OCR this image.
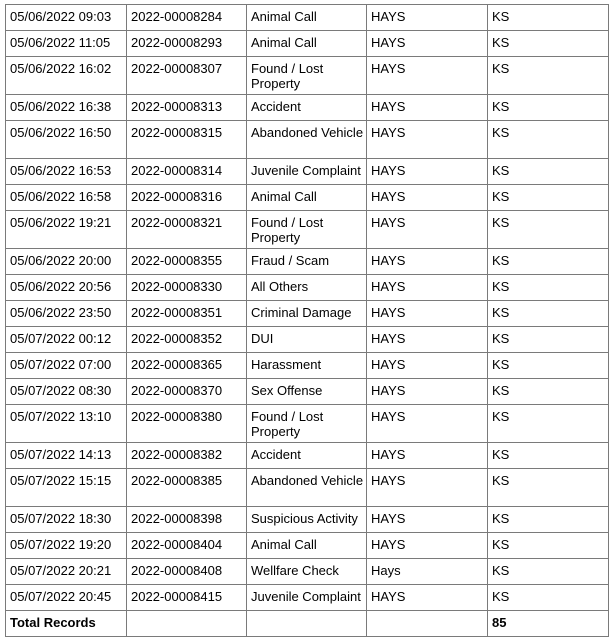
05/06/2022 09:03	2022-00008284	Animal Call	HAYS	KS
05/06/2022 11:05	2022-00008293	Animal Call	HAYS	KS
05/06/2022 16:02	2022-00008307	Found / Lost Property	HAYS	KS
05/06/2022 16:38	2022-00008313	Accident	HAYS	KS
05/06/2022 16:50	2022-00008315	Abandoned Vehicle	HAYS	KS
05/06/2022 16:53	2022-00008314	Juvenile Complaint	HAYS	KS
05/06/2022 16:58	2022-00008316	Animal Call	HAYS	KS
05/06/2022 19:21	2022-00008321	Found / Lost Property	HAYS	KS
05/06/2022 20:00	2022-00008355	Fraud / Scam	HAYS	KS
05/06/2022 20:56	2022-00008330	All Others	HAYS	KS
05/06/2022 23:50	2022-00008351	Criminal Damage	HAYS	KS
05/07/2022 00:12	2022-00008352	DUI	HAYS	KS
05/07/2022 07:00	2022-00008365	Harassment	HAYS	KS
05/07/2022 08:30	2022-00008370	Sex Offense	HAYS	KS
05/07/2022 13:10	2022-00008380	Found / Lost Property	HAYS	KS
05/07/2022 14:13	2022-00008382	Accident	HAYS	KS
05/07/2022 15:15	2022-00008385	Abandoned Vehicle	HAYS	KS
05/07/2022 18:30	2022-00008398	Suspicious Activity	HAYS	KS
05/07/2022 19:20	2022-00008404	Animal Call	HAYS	KS
05/07/2022 20:21	2022-00008408	Wellfare Check	Hays	KS
05/07/2022 20:45	2022-00008415	Juvenile Complaint	HAYS	KS
Total Records				85
